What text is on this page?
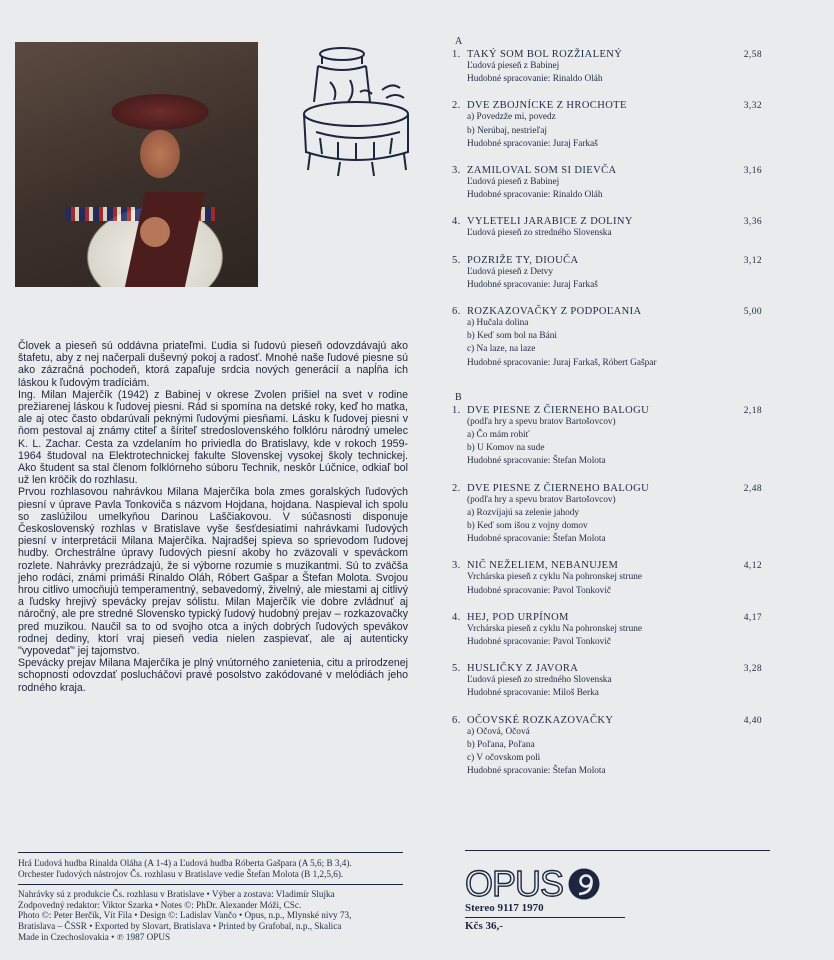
Človek a pieseň sú oddávna priateľmi. Ľudia si ľudovú pieseň odovzdávajú ako štafetu, aby z nej načerpali duševný pokoj a radosť. Mnohé naše ľudové piesne sú ako zázračná pochodeň, ktorá zapaľuje srdcia nových generácií a napĺňa ich láskou k ľudovým tradíciám.

Ing. Milan Majerčík (1942) z Babinej v okrese Zvolen prišiel na svet v rodine prežiarenej láskou k ľudovej piesni. Rád si spomína na detské roky, keď ho matka, ale aj otec často obdarúvali peknými ľudovými piesňami. Lásku k ľudovej piesni v ňom pestoval aj známy ctiteľ a šíriteľ stredoslovenského folklóru národný umelec K. L. Zachar. Cesta za vzdelaním ho priviedla do Bratislavy, kde v rokoch 1959-1964 študoval na Elektrotechnickej fakulte Slovenskej vysokej školy technickej. Ako študent sa stal členom folklórneho súboru Technik, neskôr Lúčnice, odkiaľ bol už len kröčik do rozhlasu.

Prvou rozhlasovou nahrávkou Milana Majerčíka bola zmes goralských ľudových piesní v úprave Pavla Tonkoviča s názvom Hojdana, hojdana. Naspieval ich spolu so zaslúžilou umelkyňou Darinou Laščiakovou. V súčasnosti disponuje Československý rozhlas v Bratislave vyše šesťdesiatimi nahrávkami ľudových piesní v interpretácii Milana Majerčíka. Najradšej spieva so sprievodom ľudovej hudby. Orchestrálne úpravy ľudových piesní akoby ho zväzovali v speváckom rozlete. Nahrávky prezrádzajú, že si výborne rozumie s muzikantmi. Sú to zväčša jeho rodáci, známi primáši Rinaldo Oláh, Róbert Gašpar a Štefan Molota. Svojou hrou citlivo umocňujú temperamentný, sebavedomý, živelný, ale miestami aj citlivý a ľudsky hrejivý spevácky prejav sólistu. Milan Majerčík vie dobre zvládnuť aj náročný, ale pre stredné Slovensko typický ľudový hudobný prejav – rozkazovačky pred muzikou. Naučil sa to od svojho otca a iných dobrých ľudových spevákov rodnej dediny, ktorí vraj pieseň vedia nielen zaspievať, ale aj autenticky "vypovedať" jej tajomstvo.

Spevácky prejav Milana Majerčíka je plný vnútorného zanietenia, citu a prirodzenej schopnosti odovzdať poslucháčovi pravé posolstvo zakódované v melódiách jeho rodného kraja.

Hrá Ľudová hudba Rinalda Oláha (A 1-4) a Ľudová hudba Róberta Gašpara (A 5,6; B 3,4).
Orchester ľudových nástrojov Čs. rozhlasu v Bratislave vedie Štefan Molota (B 1,2,5,6).
Nahrávky sú z produkcie Čs. rozhlasu v Bratislave • Výber a zostava: Vladimír Slujka
Zodpovedný redaktor: Viktor Szarka • Notes ©: PhDr. Alexander Móži, CSc.
Photo ©: Peter Berčík, Vít Fila • Design ©: Ladislav Vančo • Opus, n.p., Mlynské nivy 73,
Bratislava – ČSSR • Exported by Slovart, Bratislava • Printed by Grafobal, n.p., Skalica
Made in Czechoslovakia • ℗ 1987 OPUS
A
1. TAKÝ SOM BOL ROZŽIALENÝ	2,58
Ľudová pieseň z Babinej
Hudobné spracovanie: Rinaldo Oláh
2. DVE ZBOJNÍCKE Z HROCHOTE	3,32
a) Povedzže mi, povedz
b) Nerúbaj, nestrieľaj
Hudobné spracovanie: Juraj Farkaš
3. ZAMILOVAL SOM SI DIEVČA	3,16
Ľudová pieseň z Babinej
Hudobné spracovanie: Rinaldo Oláh
4. VYLETELI JARABICE Z DOLINY	3,36
Ľudová pieseň zo stredného Slovenska
5. POZRIŽE TY, DIOUČA	3,12
Ľudová pieseň z Detvy
Hudobné spracovanie: Juraj Farkaš
6. ROZKAZOVAČKY Z PODPOĽANIA	5,00
a) Hučala dolina
b) Keď som bol na Báni
c) Na laze, na laze
Hudobné spracovanie: Juraj Farkaš, Róbert Gašpar
B
1. DVE PIESNE Z ČIERNEHO BALOGU	2,18
(podľa hry a spevu bratov Bartošovcov)
a) Čo mám robiť
b) U Komov na sude
Hudobné spracovanie: Štefan Molota
2. DVE PIESNE Z ČIERNEHO BALOGU	2,48
(podľa hry a spevu bratov Bartošovcov)
a) Rozvíjajú sa zelenie jahody
b) Keď som išou z vojny domov
Hudobné spracovanie: Štefan Molota
3. NIČ NEŽELIEM, NEBANUJEM	4,12
Vrchárska pieseň z cyklu Na pohronskej strune
Hudobné spracovanie: Pavol Tonkovič
4. HEJ, POD URPÍNOM	4,17
Vrchárska pieseň z cyklu Na pohronskej strune
Hudobné spracovanie: Pavol Tonkovič
5. HUSLIČKY Z JAVORA	3,28
Ľudová pieseň zo stredného Slovenska
Hudobné spracovanie: Miloš Berka
6. OČOVSKÉ ROZKAZOVAČKY	4,40
a) Očová, Očová
b) Poľana, Poľana
c) V očovskom poli
Hudobné spracovanie: Štefan Molota
OPUS
Stereo 9117 1970
Kčs 36,-
